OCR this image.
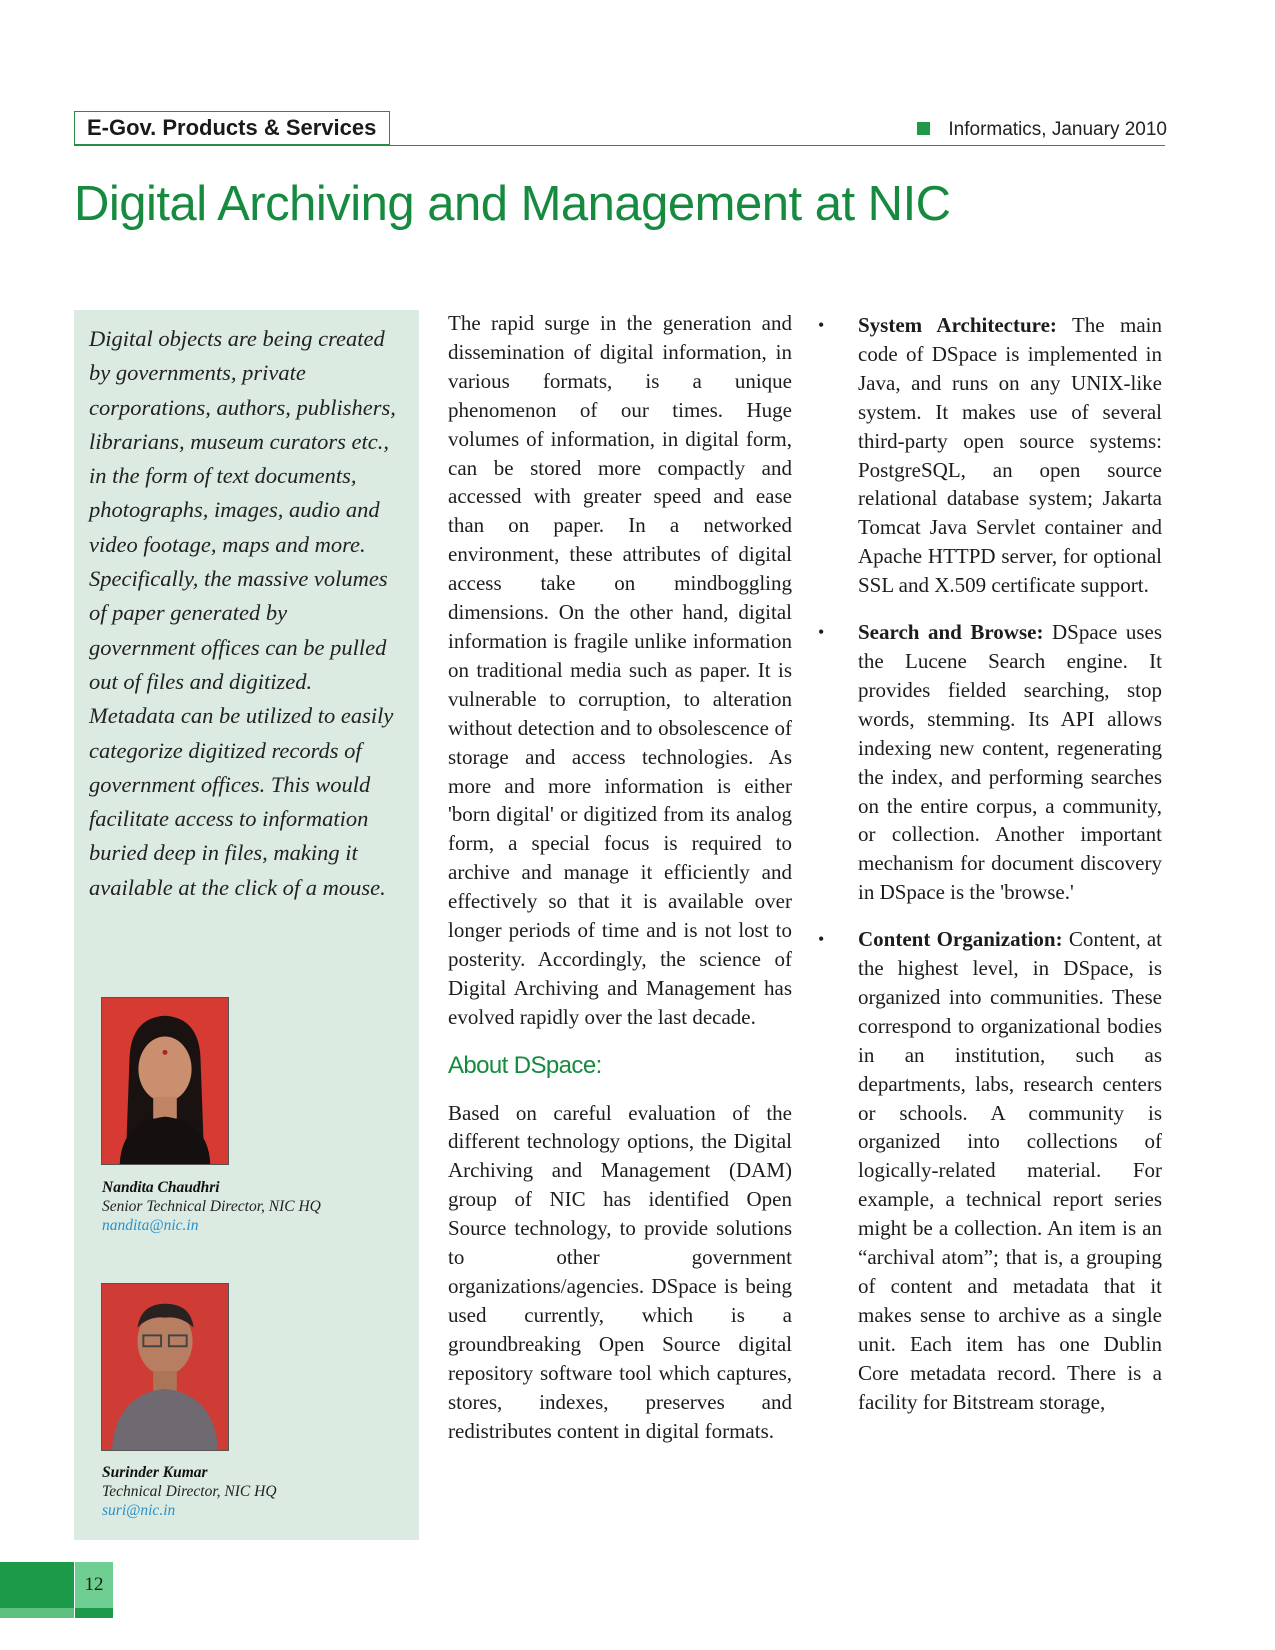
E-Gov. Products & Services	Informatics, January 2010
Digital Archiving and Management at NIC
Digital objects are being created
by governments, private
corporations, authors, publishers,
librarians, museum curators etc.,
in the form of text documents,
photographs, images, audio and
video footage, maps and more.
Specifically, the massive volumes
of paper generated by
government offices can be pulled
out of files and digitized.
Metadata can be utilized to easily
categorize digitized records of
government offices. This would
facilitate access to information
buried deep in files, making it
available at the click of a mouse.
Nandita Chaudhri
Senior Technical Director, NIC HQ
nandita@nic.in
Surinder Kumar
Technical Director, NIC HQ
suri@nic.in

The rapid surge in the generation and dissemination of digital information, in various formats, is a unique phenomenon of our times. Huge volumes of information, in digital form, can be stored more compactly and accessed with greater speed and ease than on paper. In a networked environment, these attributes of digital access take on mindboggling dimensions. On the other hand, digital information is fragile unlike information on traditional media such as paper. It is vulnerable to corruption, to alteration without detection and to obsolescence of storage and access technologies. As more and more information is either 'born digital' or digitized from its analog form, a special focus is required to archive and manage it efficiently and effectively so that it is available over longer periods of time and is not lost to posterity. Accordingly, the science of Digital Archiving and Management has evolved rapidly over the last decade.

About DSpace:

Based on careful evaluation of the different technology options, the Digital Archiving and Management (DAM) group of NIC has identified Open Source technology, to provide solutions to other government organizations/agencies. DSpace is being used currently, which is a groundbreaking Open Source digital repository software tool which captures, stores, indexes, preserves and redistributes content in digital formats.

• System Architecture: The main code of DSpace is implemented in Java, and runs on any UNIX-like system. It makes use of several third-party open source systems: PostgreSQL, an open source relational database system; Jakarta Tomcat Java Servlet container and Apache HTTPD server, for optional SSL and X.509 certificate support.
• Search and Browse: DSpace uses the Lucene Search engine. It provides fielded searching, stop words, stemming. Its API allows indexing new content, regenerating the index, and performing searches on the entire corpus, a community, or collection. Another important mechanism for document discovery in DSpace is the 'browse.'
• Content Organization: Content, at the highest level, in DSpace, is organized into communities. These correspond to organizational bodies in an institution, such as departments, labs, research centers or schools. A community is organized into collections of logically-related material. For example, a technical report series might be a collection. An item is an “archival atom”; that is, a grouping of content and metadata that it makes sense to archive as a single unit. Each item has one Dublin Core metadata record. There is a facility for Bitstream storage,
12
